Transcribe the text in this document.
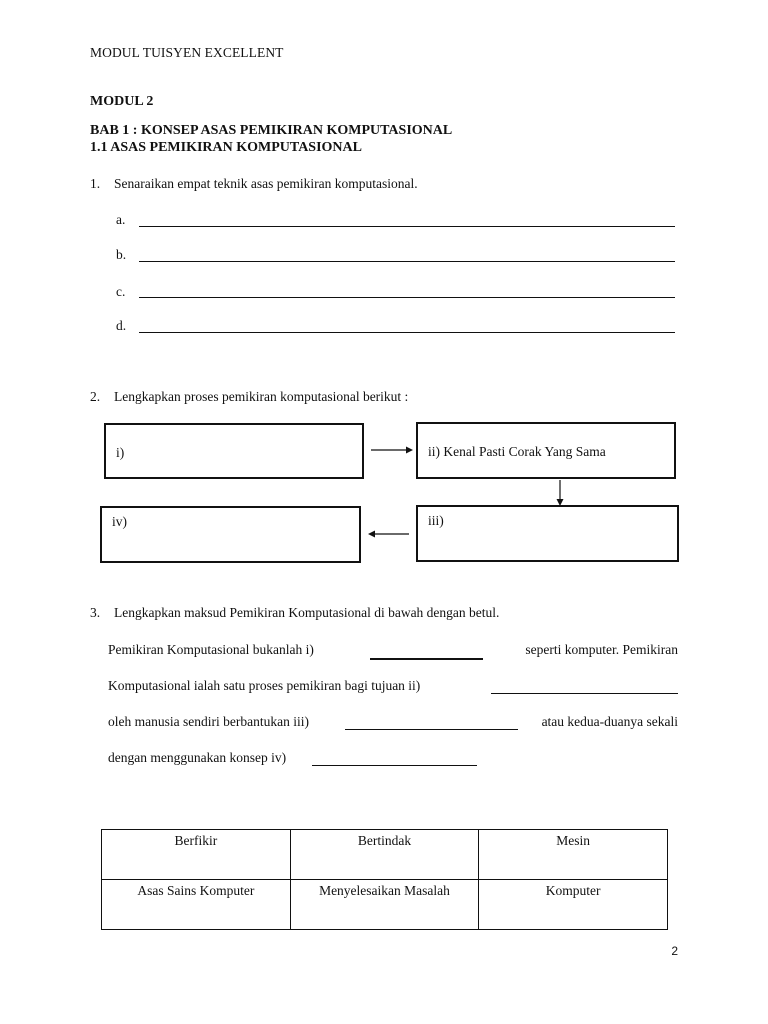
MODUL TUISYEN EXCELLENT
MODUL 2
BAB 1 : KONSEP ASAS PEMIKIRAN KOMPUTASIONAL
1.1 ASAS PEMIKIRAN KOMPUTASIONAL
1. Senaraikan empat teknik asas pemikiran komputasional.
a.
b.
c.
d.
2. Lengkapkan proses pemikiran komputasional berikut :
i)	ii) Kenal Pasti Corak Yang Sama
iii)
iv)
3. Lengkapkan maksud Pemikiran Komputasional di bawah dengan betul.
Pemikiran Komputasional bukanlah i)	seperti komputer. Pemikiran
Komputasional ialah satu proses pemikiran bagi tujuan ii)
oleh manusia sendiri berbantukan iii)	atau kedua-duanya sekali
dengan menggunakan konsep iv)
Berfikir	Bertindak	Mesin
Asas Sains Komputer	Menyelesaikan Masalah	Komputer
2
